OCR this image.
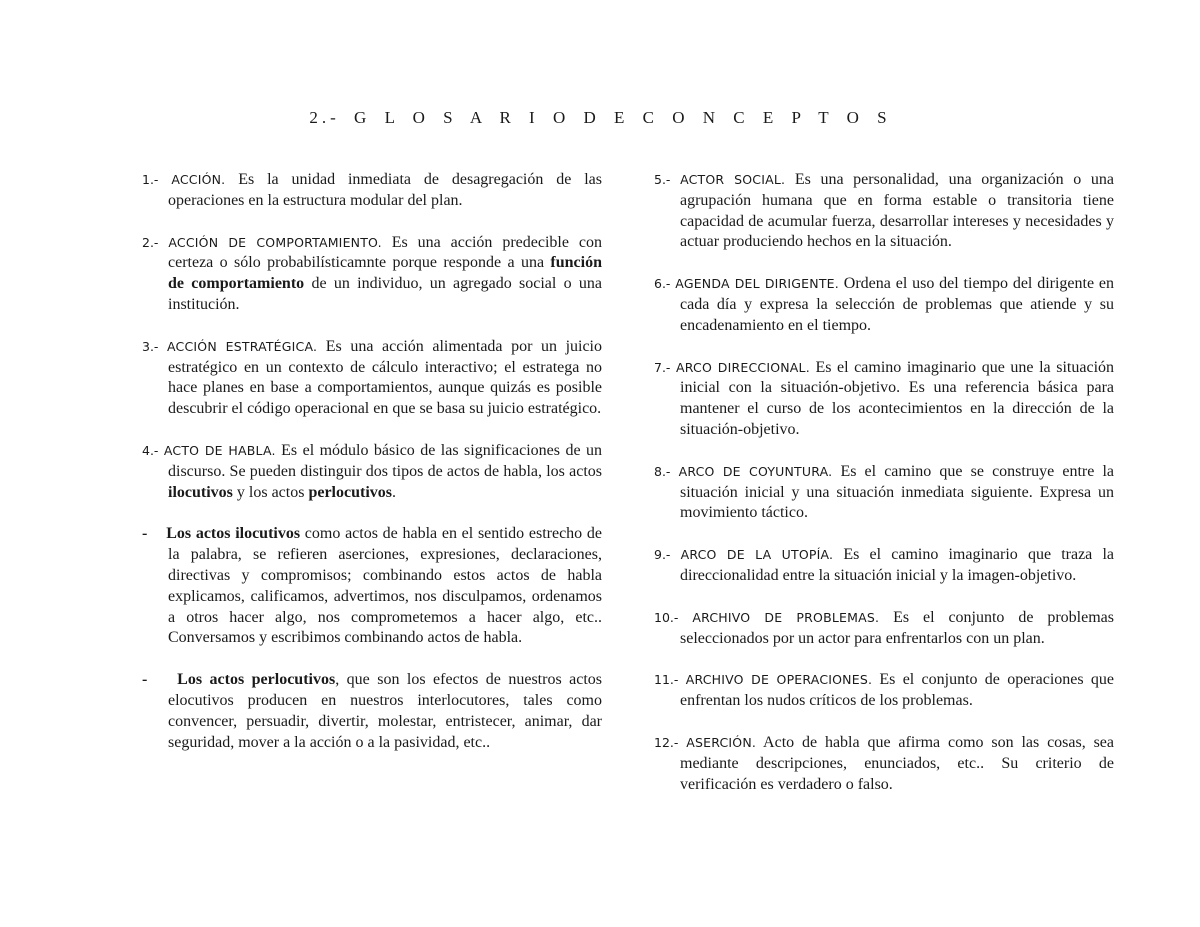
2.- G L O S A R I O D E C O N C E P T O S
1.- ACCIÓN. Es la unidad inmediata de desagregación de las operaciones en la estructura modular del plan.
2.- ACCIÓN DE COMPORTAMIENTO. Es una acción predecible con certeza o sólo probabilísticamnte porque responde a una función de comportamiento de un individuo, un agregado social o una institución.
3.- ACCIÓN ESTRATÉGICA. Es una acción alimentada por un juicio estratégico en un contexto de cálculo interactivo; el estratega no hace planes en base a comportamientos, aunque quizás es posible descubrir el código operacional en que se basa su juicio estratégico.
4.- ACTO DE HABLA. Es el módulo básico de las significaciones de un discurso. Se pueden distinguir dos tipos de actos de habla, los actos ilocutivos y los actos perlocutivos.
- Los actos ilocutivos como actos de habla en el sentido estrecho de la palabra, se refieren aserciones, expresiones, declaraciones, directivas y compromisos; combinando estos actos de habla explicamos, calificamos, advertimos, nos disculpamos, ordenamos a otros hacer algo, nos comprometemos a hacer algo, etc.. Conversamos y escribimos combinando actos de habla.
- Los actos perlocutivos, que son los efectos de nuestros actos elocutivos producen en nuestros interlocutores, tales como convencer, persuadir, divertir, molestar, entristecer, animar, dar seguridad, mover a la acción o a la pasividad, etc..
5.- ACTOR SOCIAL. Es una personalidad, una organización o una agrupación humana que en forma estable o transitoria tiene capacidad de acumular fuerza, desarrollar intereses y necesidades y actuar produciendo hechos en la situación.
6.- AGENDA DEL DIRIGENTE. Ordena el uso del tiempo del dirigente en cada día y expresa la selección de problemas que atiende y su encadenamiento en el tiempo.
7.- ARCO DIRECCIONAL. Es el camino imaginario que une la situación inicial con la situación-objetivo. Es una referencia básica para mantener el curso de los acontecimientos en la dirección de la situación-objetivo.
8.- ARCO DE COYUNTURA. Es el camino que se construye entre la situación inicial y una situación inmediata siguiente. Expresa un movimiento táctico.
9.- ARCO DE LA UTOPÍA. Es el camino imaginario que traza la direccionalidad entre la situación inicial y la imagen-objetivo.
10.- ARCHIVO DE PROBLEMAS. Es el conjunto de problemas seleccionados por un actor para enfrentarlos con un plan.
11.- ARCHIVO DE OPERACIONES. Es el conjunto de operaciones que enfrentan los nudos críticos de los problemas.
12.- ASERCIÓN. Acto de habla que afirma como son las cosas, sea mediante descripciones, enunciados, etc.. Su criterio de verificación es verdadero o falso.
